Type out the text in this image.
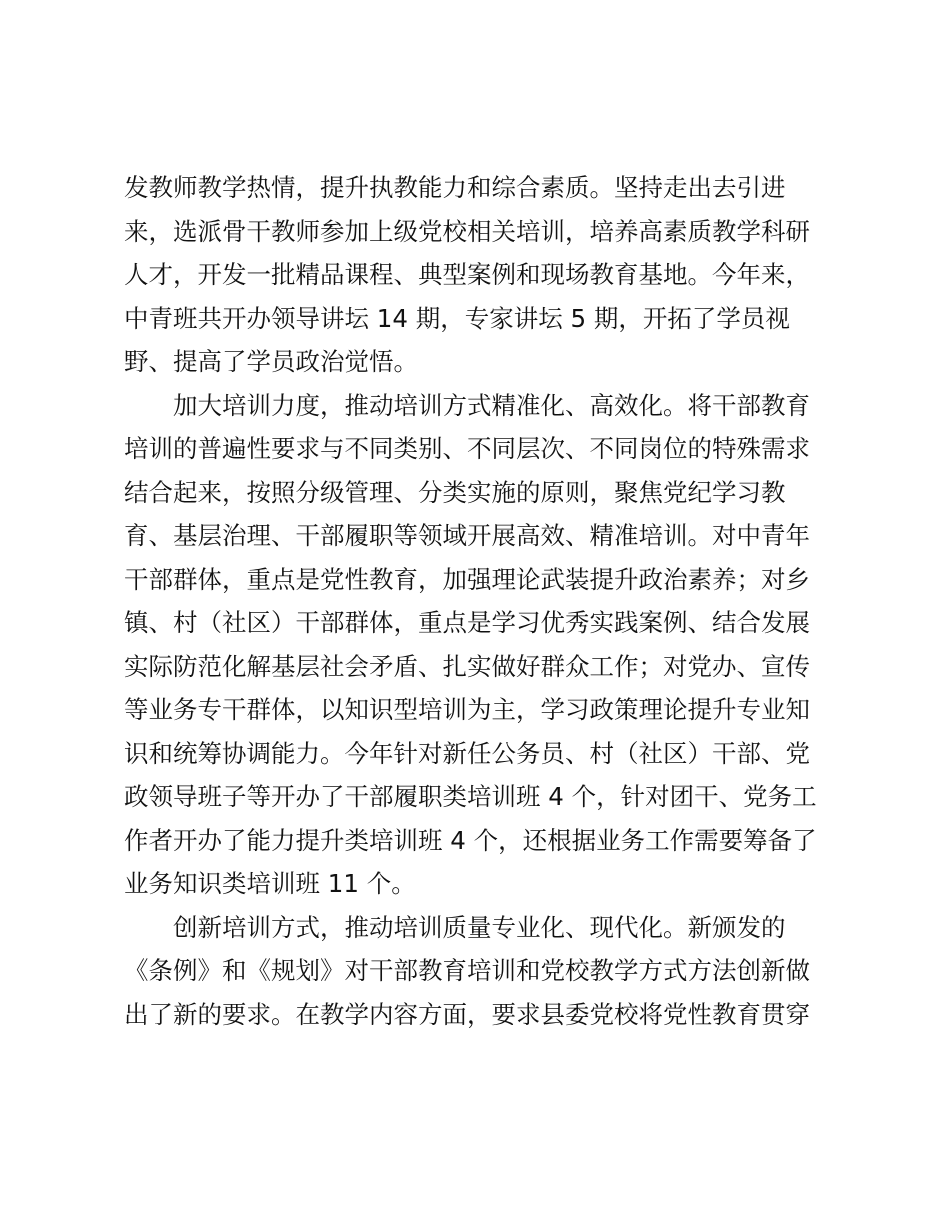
发教师教学热情，提升执教能力和综合素质。坚持走出去引进
来，选派骨干教师参加上级党校相关培训，培养高素质教学科研
人才，开发一批精品课程、典型案例和现场教育基地。今年来，
中青班共开办领导讲坛 14 期，专家讲坛 5 期，开拓了学员视
野、提高了学员政治觉悟。
加大培训力度，推动培训方式精准化、高效化。将干部教育
培训的普遍性要求与不同类别、不同层次、不同岗位的特殊需求
结合起来，按照分级管理、分类实施的原则，聚焦党纪学习教
育、基层治理、干部履职等领域开展高效、精准培训。对中青年
干部群体，重点是党性教育，加强理论武装提升政治素养；对乡
镇、村（社区）干部群体，重点是学习优秀实践案例、结合发展
实际防范化解基层社会矛盾、扎实做好群众工作；对党办、宣传
等业务专干群体，以知识型培训为主，学习政策理论提升专业知
识和统筹协调能力。今年针对新任公务员、村（社区）干部、党
政领导班子等开办了干部履职类培训班 4 个，针对团干、党务工
作者开办了能力提升类培训班 4 个，还根据业务工作需要筹备了
业务知识类培训班 11 个。
创新培训方式，推动培训质量专业化、现代化。新颁发的
《条例》和《规划》对干部教育培训和党校教学方式方法创新做
出了新的要求。在教学内容方面，要求县委党校将党性教育贯穿
